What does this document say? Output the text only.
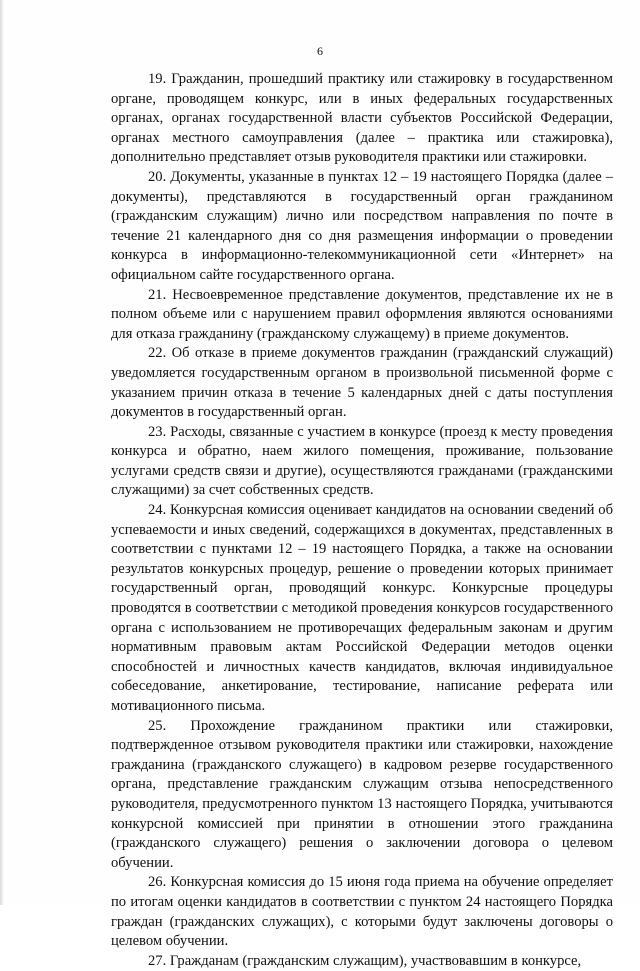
6

19. Гражданин, прошедший практику или стажировку в государственном органе, проводящем конкурс, или в иных федеральных государственных органах, органах государственной власти субъектов Российской Федерации, органах местного самоуправления (далее – практика или стажировка), дополнительно представляет отзыв руководителя практики или стажировки.

20. Документы, указанные в пунктах 12 – 19 настоящего Порядка (далее – документы), представляются в государственный орган гражданином (гражданским служащим) лично или посредством направления по почте в течение 21 календарного дня со дня размещения информации о проведении конкурса в информационно-телекоммуникационной сети «Интернет» на официальном сайте государственного органа.

21. Несвоевременное представление документов, представление их не в полном объеме или с нарушением правил оформления являются основаниями для отказа гражданину (гражданскому служащему) в приеме документов.

22. Об отказе в приеме документов гражданин (гражданский служащий) уведомляется государственным органом в произвольной письменной форме с указанием причин отказа в течение 5 календарных дней с даты поступления документов в государственный орган.

23. Расходы, связанные с участием в конкурсе (проезд к месту проведения конкурса и обратно, наем жилого помещения, проживание, пользование услугами средств связи и другие), осуществляются гражданами (гражданскими служащими) за счет собственных средств.

24. Конкурсная комиссия оценивает кандидатов на основании сведений об успеваемости и иных сведений, содержащихся в документах, представленных в соответствии с пунктами 12 – 19 настоящего Порядка, а также на основании результатов конкурсных процедур, решение о проведении которых принимает государственный орган, проводящий конкурс. Конкурсные процедуры проводятся в соответствии с методикой проведения конкурсов государственного органа с использованием не противоречащих федеральным законам и другим нормативным правовым актам Российской Федерации методов оценки способностей и личностных качеств кандидатов, включая индивидуальное собеседование, анкетирование, тестирование, написание реферата или мотивационного письма.

25. Прохождение гражданином практики или стажировки, подтвержденное отзывом руководителя практики или стажировки, нахождение гражданина (гражданского служащего) в кадровом резерве государственного органа, представление гражданским служащим отзыва непосредственного руководителя, предусмотренного пунктом 13 настоящего Порядка, учитываются конкурсной комиссией при принятии в отношении этого гражданина (гражданского служащего) решения о заключении договора о целевом обучении.

26. Конкурсная комиссия до 15 июня года приема на обучение определяет по итогам оценки кандидатов в соответствии с пунктом 24 настоящего Порядка граждан (гражданских служащих), с которыми будут заключены договоры о целевом обучении.

27. Гражданам (гражданским служащим), участвовавшим в конкурсе,
